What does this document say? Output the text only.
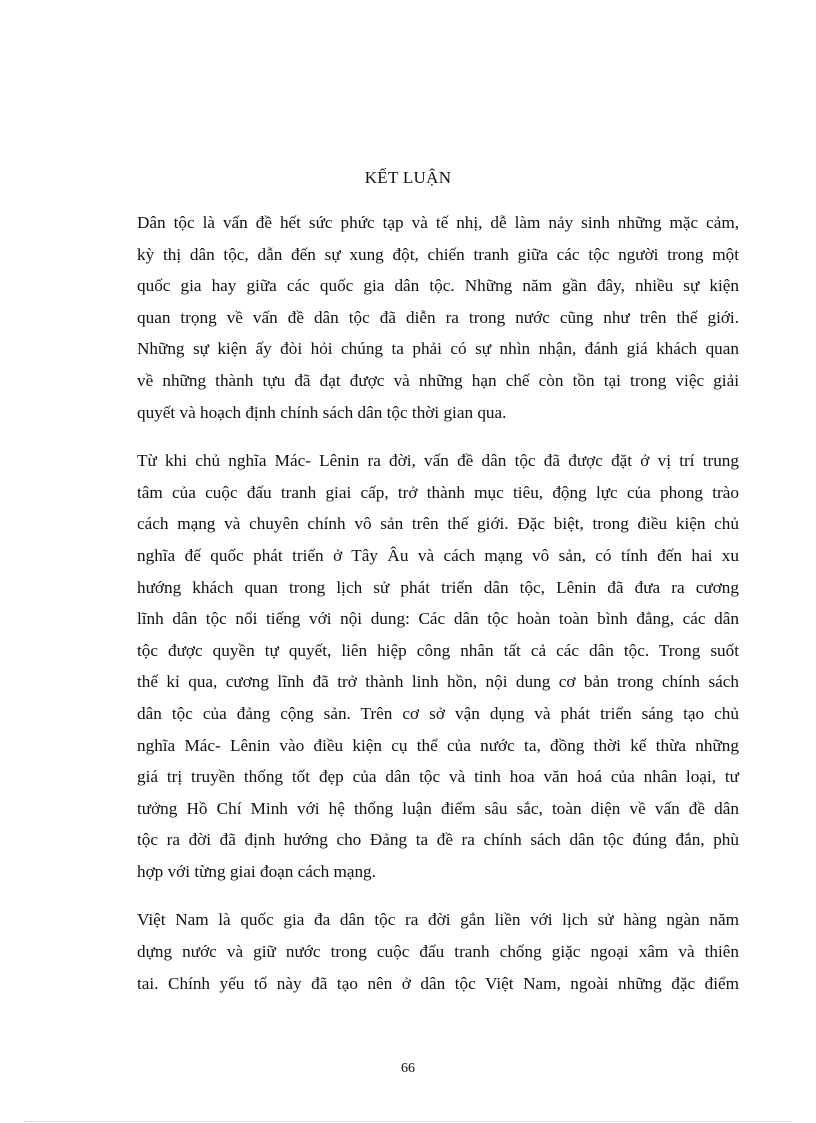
KẾT LUẬN

Dân tộc là vấn đề hết sức phức tạp và tế nhị, dễ làm nảy sinh những mặc cảm,
kỳ thị dân tộc, dẫn đến sự xung đột, chiến tranh giữa các tộc người trong một
quốc gia hay giữa các quốc gia dân tộc. Những năm gần đây, nhiều sự kiện
quan trọng về vấn đề dân tộc đã diễn ra trong nước cũng như trên thế giới.
Những sự kiện ấy đòi hỏi chúng ta phải có sự nhìn nhận, đánh giá khách quan
về những thành tựu đã đạt được và những hạn chế còn tồn tại trong việc giải
quyết và hoạch định chính sách dân tộc thời gian qua.

Từ khi chủ nghĩa Mác- Lênin ra đời, vấn đề dân tộc đã được đặt ở vị trí trung
tâm của cuộc đấu tranh giai cấp, trở thành mục tiêu, động lực của phong trào
cách mạng và chuyên chính vô sản trên thế giới. Đặc biệt, trong điều kiện chủ
nghĩa đế quốc phát triển ở Tây Âu và cách mạng vô sản, có tính đến hai xu
hướng khách quan trong lịch sử phát triển dân tộc, Lênin đã đưa ra cương
lĩnh dân tộc nổi tiếng với nội dung: Các dân tộc hoàn toàn bình đẳng, các dân
tộc được quyền tự quyết, liên hiệp công nhân tất cả các dân tộc. Trong suốt
thế kỉ qua, cương lĩnh đã trở thành linh hồn, nội dung cơ bản trong chính sách
dân tộc của đảng cộng sản. Trên cơ sở vận dụng và phát triển sáng tạo chủ
nghĩa Mác- Lênin vào điều kiện cụ thể của nước ta, đồng thời kế thừa những
giá trị truyền thống tốt đẹp của dân tộc và tinh hoa văn hoá của nhân loại, tư
tưởng Hồ Chí Minh với hệ thống luận điểm sâu sắc, toàn diện về vấn đề dân
tộc ra đời đã định hướng cho Đảng ta đề ra chính sách dân tộc đúng đắn, phù
hợp với từng giai đoạn cách mạng.

Việt Nam là quốc gia đa dân tộc ra đời gắn liền với lịch sử hàng ngàn năm
dựng nước và giữ nước trong cuộc đấu tranh chống giặc ngoại xâm và thiên
tai. Chính yếu tố này đã tạo nên ở dân tộc Việt Nam, ngoài những đặc điểm

66
